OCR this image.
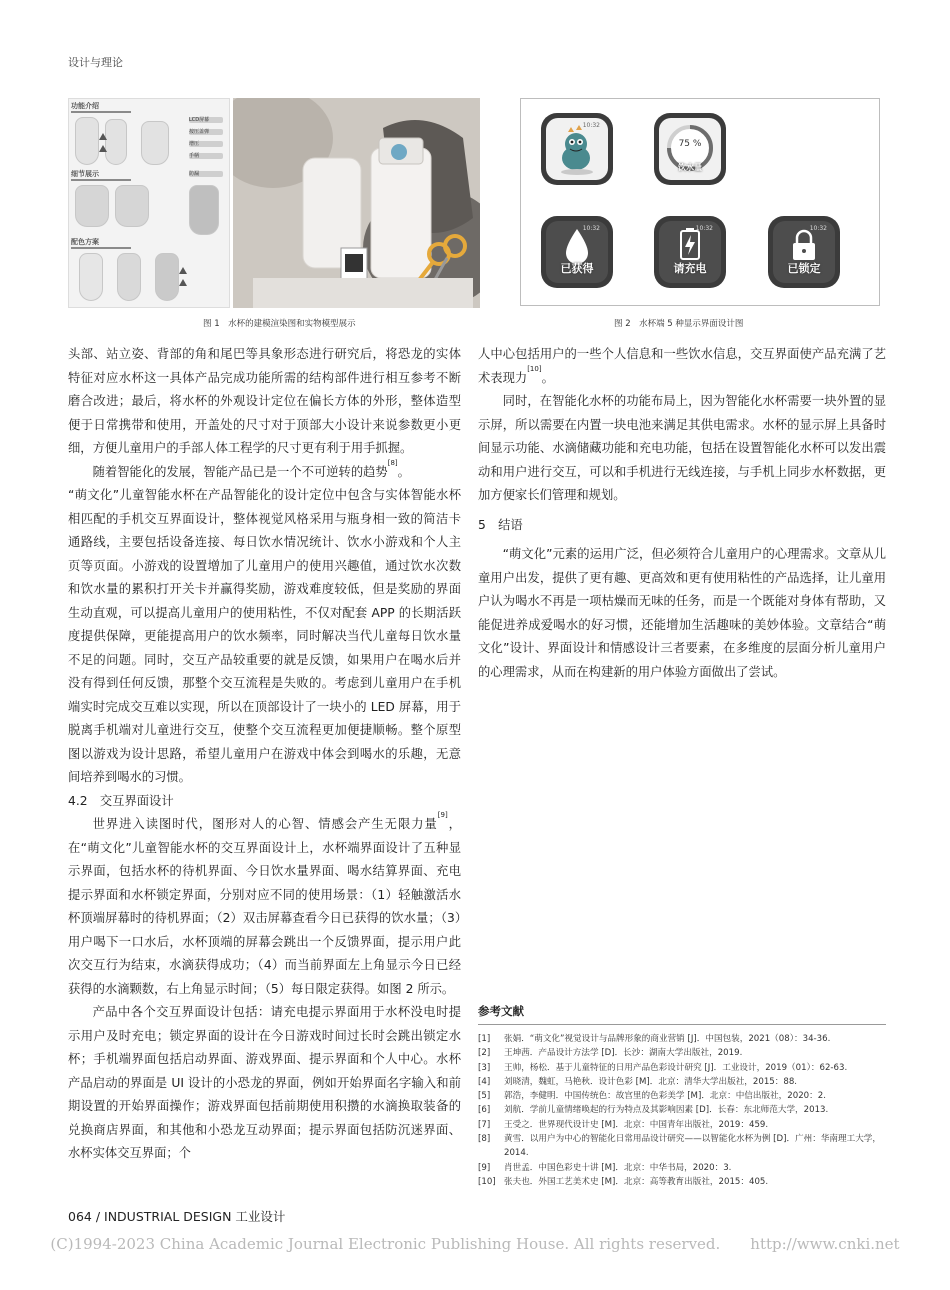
设计与理论
功能介绍
LCD屏幕
按压盖弹
增压
手柄
细节展示	防漏
配色方案
图 1　水杯的建模渲染图和实物模型展示
10:32
75 %
饮水量
10:32
已获得
10:32
请充电
10:32
已锁定
图 2　水杯端 5 种显示界面设计图

头部、站立姿、背部的角和尾巴等具象形态进行研究后，将恐龙的实体特征对应水杯这一具体产品完成功能所需的结构部件进行相互参考不断磨合改进；最后，将水杯的外观设计定位在偏长方体的外形，整体造型便于日常携带和使用，开盖处的尺寸对于顶部大小设计来说参数更小更细，方便儿童用户的手部人体工程学的尺寸更有利于用手抓握。

随着智能化的发展，智能产品已是一个不可逆转的趋势[8]。

“萌文化”儿童智能水杯在产品智能化的设计定位中包含与实体智能水杯相匹配的手机交互界面设计，整体视觉风格采用与瓶身相一致的简洁卡通路线，主要包括设备连接、每日饮水情况统计、饮水小游戏和个人主页等页面。小游戏的设置增加了儿童用户的使用兴趣值，通过饮水次数和饮水量的累积打开关卡并赢得奖励，游戏难度较低，但是奖励的界面生动直观，可以提高儿童用户的使用粘性，不仅对配套 APP 的长期活跃度提供保障，更能提高用户的饮水频率，同时解决当代儿童每日饮水量不足的问题。同时，交互产品较重要的就是反馈，如果用户在喝水后并没有得到任何反馈，那整个交互流程是失败的。考虑到儿童用户在手机端实时完成交互难以实现，所以在顶部设计了一块小的 LED 屏幕，用于脱离手机端对儿童进行交互，使整个交互流程更加便捷顺畅。整个原型图以游戏为设计思路，希望儿童用户在游戏中体会到喝水的乐趣，无意间培养到喝水的习惯。

4.2　交互界面设计

世界进入读图时代，图形对人的心智、情感会产生无限力量[9]，在“萌文化”儿童智能水杯的交互界面设计上，水杯端界面设计了五种显示界面，包括水杯的待机界面、今日饮水量界面、喝水结算界面、充电提示界面和水杯锁定界面，分别对应不同的使用场景：（1）轻触激活水杯顶端屏幕时的待机界面；（2）双击屏幕查看今日已获得的饮水量；（3）用户喝下一口水后，水杯顶端的屏幕会跳出一个反馈界面，提示用户此次交互行为结束，水滴获得成功；（4）而当前界面左上角显示今日已经获得的水滴颗数，右上角显示时间；（5）每日限定获得。如图 2 所示。

产品中各个交互界面设计包括：请充电提示界面用于水杯没电时提示用户及时充电；锁定界面的设计在今日游戏时间过长时会跳出锁定水杯；手机端界面包括启动界面、游戏界面、提示界面和个人中心。水杯产品启动的界面是 UI 设计的小恐龙的界面，例如开始界面名字输入和前期设置的开始界面操作；游戏界面包括前期使用积攒的水滴换取装备的兑换商店界面，和其他和小恐龙互动界面；提示界面包括防沉迷界面、水杯实体交互界面；个

人中心包括用户的一些个人信息和一些饮水信息，交互界面使产品充满了艺术表现力[10]。

同时，在智能化水杯的功能布局上，因为智能化水杯需要一块外置的显示屏，所以需要在内置一块电池来满足其供电需求。水杯的显示屏上具备时间显示功能、水滴储藏功能和充电功能，包括在设置智能化水杯可以发出震动和用户进行交互，可以和手机进行无线连接，与手机上同步水杯数据，更加方便家长们管理和规划。

5　结语

“萌文化”元素的运用广泛，但必须符合儿童用户的心理需求。文章从儿童用户出发，提供了更有趣、更高效和更有使用粘性的产品选择，让儿童用户认为喝水不再是一项枯燥而无味的任务，而是一个既能对身体有帮助，又能促进养成爱喝水的好习惯，还能增加生活趣味的美妙体验。文章结合“萌文化”设计、界面设计和情感设计三者要素，在多维度的层面分析儿童用户的心理需求，从而在构建新的用户体验方面做出了尝试。

参考文献
[1]	张娟．“萌文化”视觉设计与品牌形象的商业营销 [J]．中国包装，2021（08）：34-36.
[2]	王坤茜．产品设计方法学 [D]．长沙：湖南大学出版社，2019.
[3]	王帅，杨松．基于儿童特征的日用产品色彩设计研究 [J]．工业设计，2019（01）：62-63.
[4]	刘晓清，魏虹，马艳秋．设计色彩 [M]．北京：清华大学出版社，2015：88.
[5]	郭浩，李健明．中国传统色：故宫里的色彩美学 [M]．北京：中信出版社，2020：2.
[6]	刘航．学前儿童情绪唤起的行为特点及其影响因素 [D]．长春：东北师范大学，2013.
[7]	王受之．世界现代设计史 [M]．北京：中国青年出版社，2019：459.
[8]	黄雪．以用户为中心的智能化日常用品设计研究——以智能化水杯为例 [D]．广州：华南理工大学，2014.
[9]	肖世孟．中国色彩史十讲 [M]．北京：中华书局，2020：3.
[10] 张夫也．外国工艺美术史 [M]．北京：高等教育出版社，2015：405.
064 / INDUSTRIAL DESIGN 工业设计
(C)1994-2023 China Academic Journal Electronic Publishing House. All rights reserved.　　http://www.cnki.net
